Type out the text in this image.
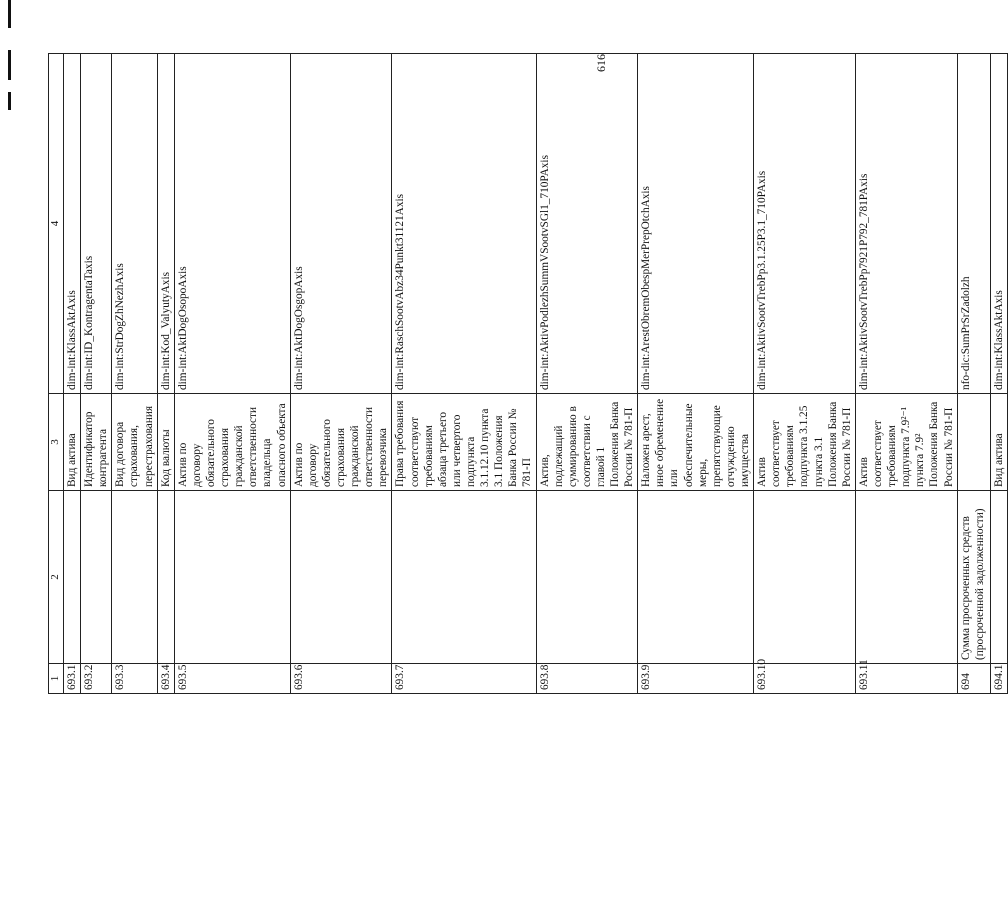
616
1	2	3	4
693.1		Вид актива	dim-int:KlassAktAxis
693.2		Идентификатор контрагента	dim-int:ID_KontragentaTaxis
693.3		Вид договора страхования, перестрахования	dim-int:StrDogZhNezhAxis
693.4		Код валюты	dim-int:Kod_ValyutyAxis
693.5		Актив по договору обязательного страхования гражданской ответственности владельца опасного объекта	dim-int:AktDogOsopoAxis
693.6		Актив по договору обязательного страхования гражданской ответственности перевозчика	dim-int:AktDogOsgopAxis
693.7		Права требования соответствуют требованиям абзаца третьего или четвертого подпункта 3.1.12.10 пункта 3.1 Положения Банка России № 781-П	dim-int:RaschSootvAbz34Punkt31121Axis
693.8		Актив, подлежащий суммированию в соответствии с главой 1 Положения Банка России № 781-П	dim-int:AktivPodlezhSummVSootvSGl1_710PAxis
693.9		Наложен арест, иное обременение или обеспечительные меры, препятствующие отчуждению имущества	dim-int:ArestObremObespMerPrepOtchAxis
693.10		Актив соответствует требованиям подпункта 3.1.25 пункта 3.1 Положения Банка России № 781-П	dim-int:AktivSootvTrebPp3.1.25P3.1_710PAxis
693.11		Актив соответствует требованиям подпункта 7.9²⁻¹ пункта 7.9² Положения Банка России № 781-П	dim-int:AktivSootvTrebPp7921P792_781PAxis
694	Сумма просроченных средств (просроченной задолженности)		nfo-dic:SumPrSrZadolzh
694.1		Вид актива	dim-int:KlassAktAxis
